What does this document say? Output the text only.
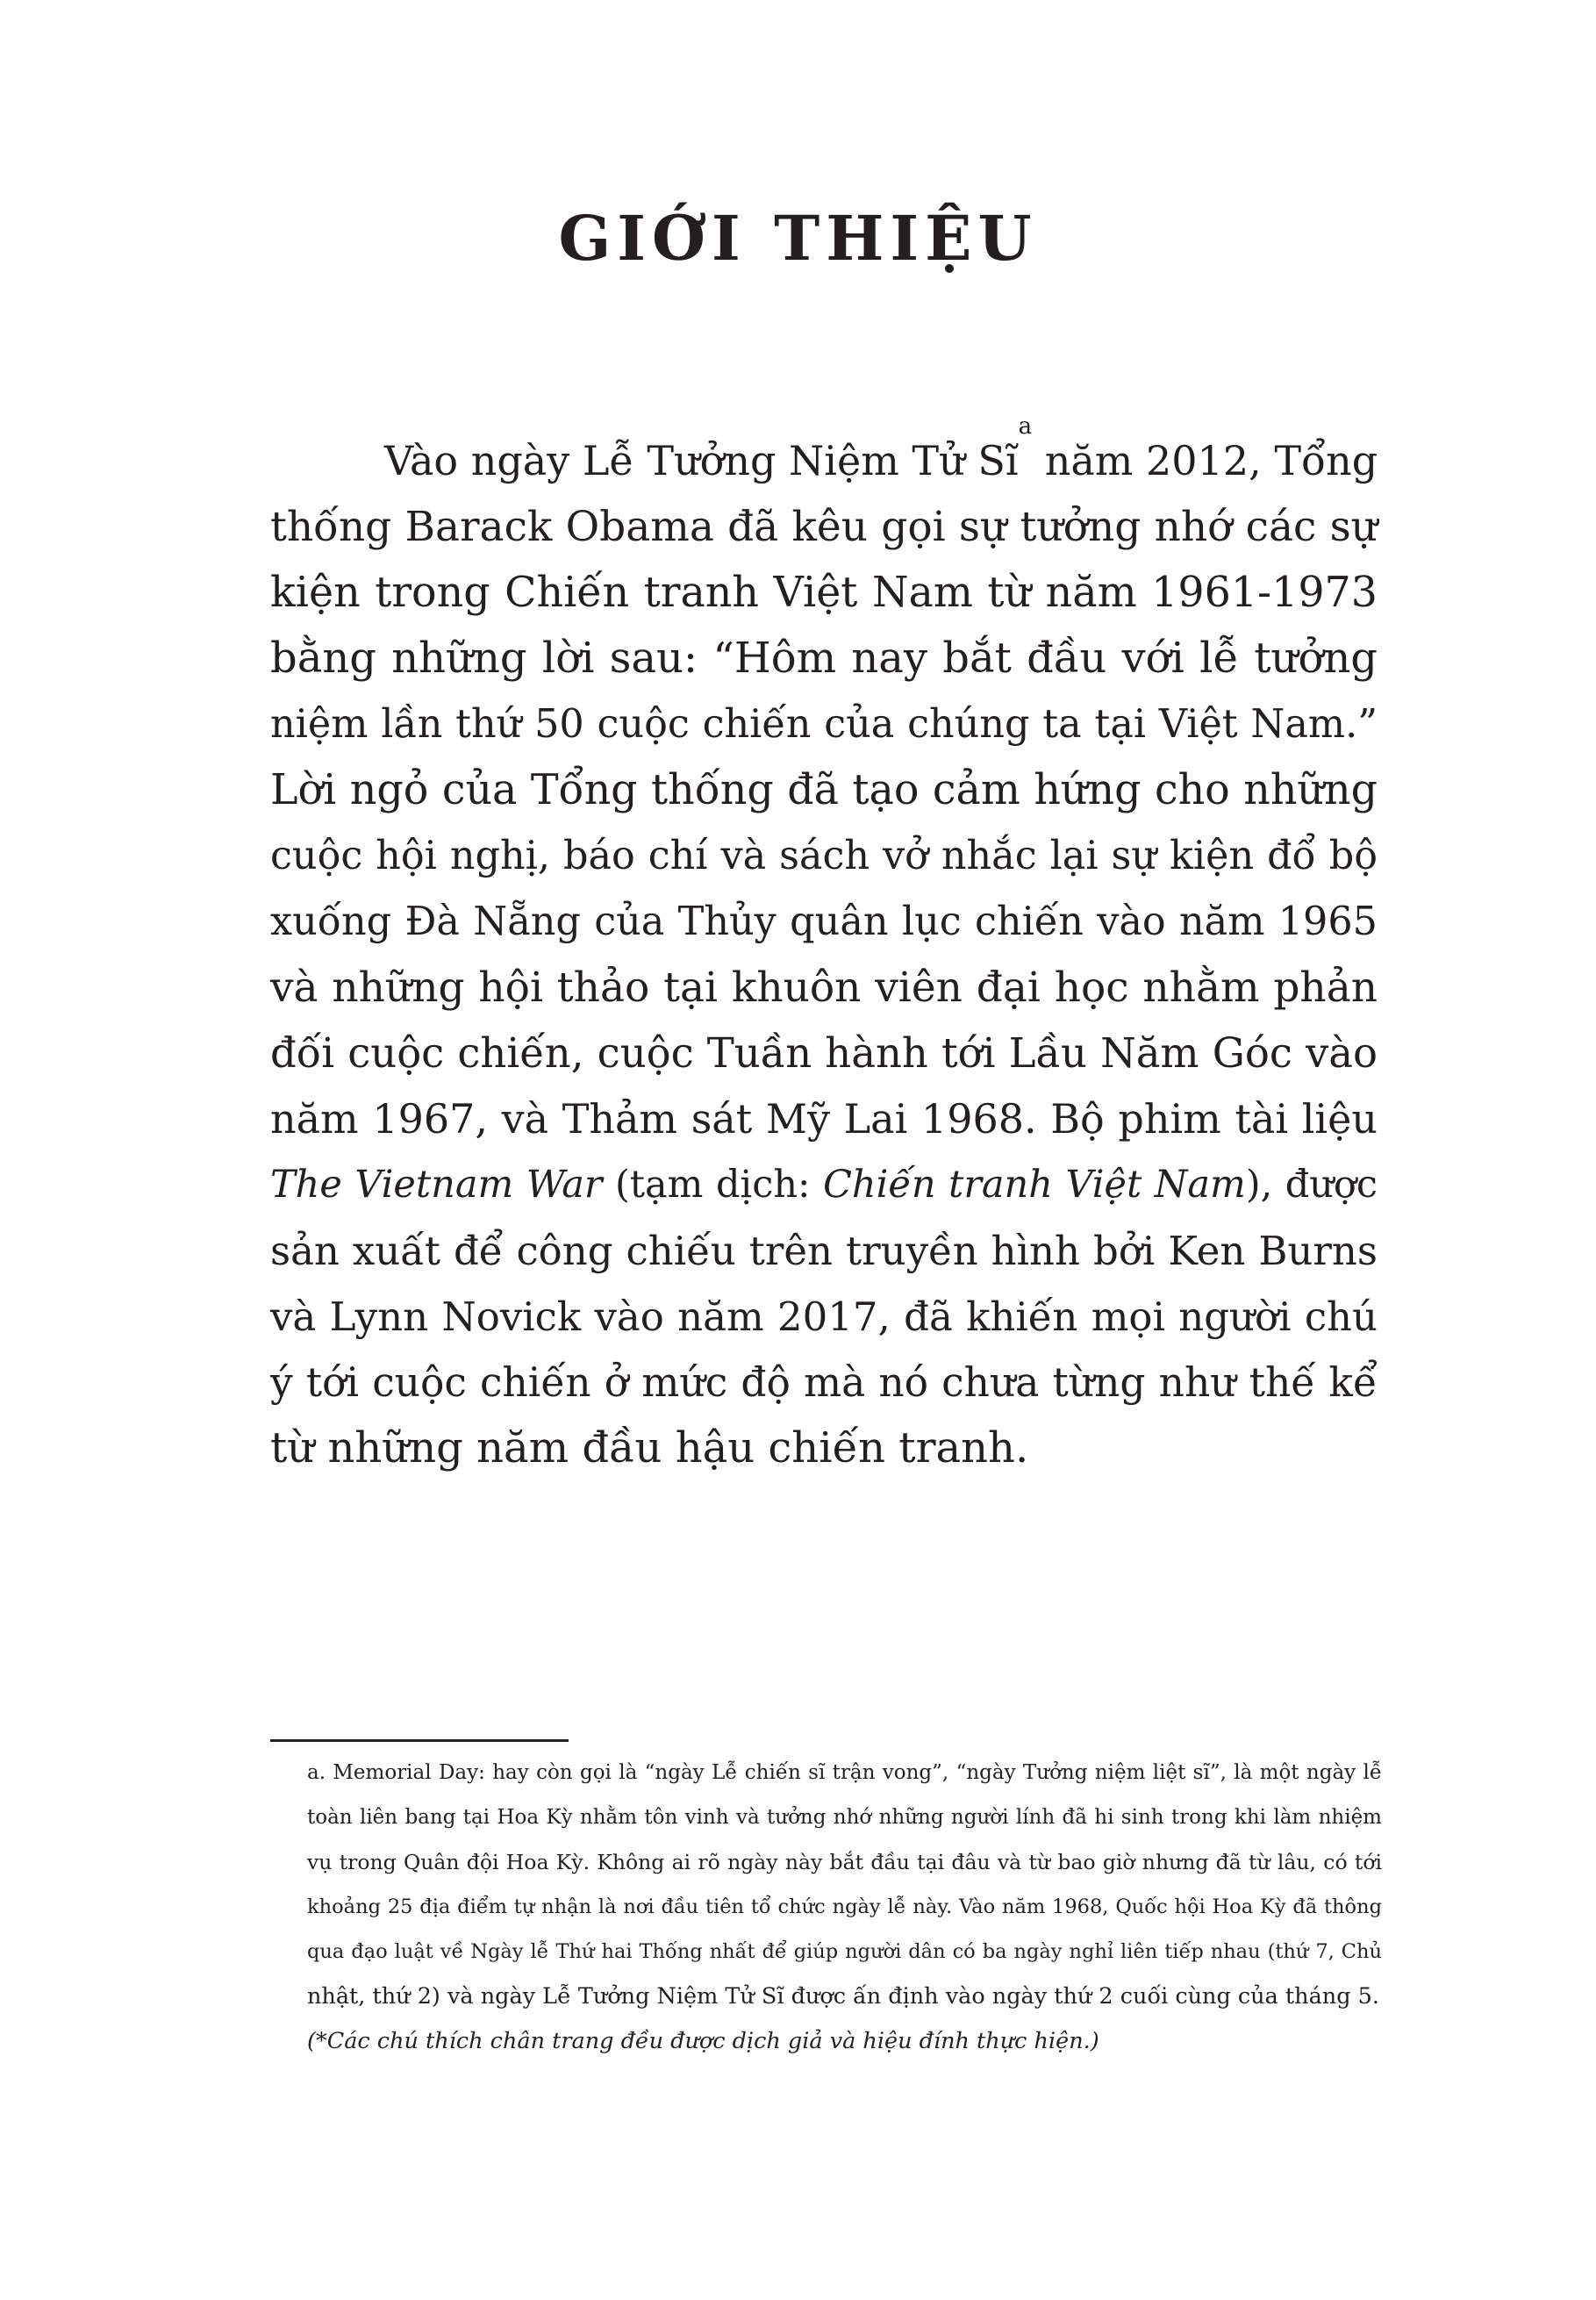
GIỚI THIỆU
Vào ngày Lễ Tưởng Niệm Tử Sĩ$^a$ năm 2012, Tổng
thống Barack Obama đã kêu gọi sự tưởng nhớ các sự
kiện trong Chiến tranh Việt Nam từ năm 1961-1973
bằng những lời sau: “Hôm nay bắt đầu với lễ tưởng
niệm lần thứ 50 cuộc chiến của chúng ta tại Việt Nam.”
Lời ngỏ của Tổng thống đã tạo cảm hứng cho những
cuộc hội nghị, báo chí và sách vở nhắc lại sự kiện đổ bộ
xuống Đà Nẵng của Thủy quân lục chiến vào năm 1965
và những hội thảo tại khuôn viên đại học nhằm phản
đối cuộc chiến, cuộc Tuần hành tới Lầu Năm Góc vào
năm 1967, và Thảm sát Mỹ Lai 1968. Bộ phim tài liệu
The Vietnam War (tạm dịch: Chiến tranh Việt Nam), được
sản xuất để công chiếu trên truyền hình bởi Ken Burns
và Lynn Novick vào năm 2017, đã khiến mọi người chú
ý tới cuộc chiến ở mức độ mà nó chưa từng như thế kể
từ những năm đầu hậu chiến tranh.
a. Memorial Day: hay còn gọi là “ngày Lễ chiến sĩ trận vong”, “ngày Tưởng niệm liệt sĩ”, là một ngày lễ
toàn liên bang tại Hoa Kỳ nhằm tôn vinh và tưởng nhớ những người lính đã hi sinh trong khi làm nhiệm
vụ trong Quân đội Hoa Kỳ. Không ai rõ ngày này bắt đầu tại đâu và từ bao giờ nhưng đã từ lâu, có tới
khoảng 25 địa điểm tự nhận là nơi đầu tiên tổ chức ngày lễ này. Vào năm 1968, Quốc hội Hoa Kỳ đã thông
qua đạo luật về Ngày lễ Thứ hai Thống nhất để giúp người dân có ba ngày nghỉ liên tiếp nhau (thứ 7, Chủ
nhật, thứ 2) và ngày Lễ Tưởng Niệm Tử Sĩ được ấn định vào ngày thứ 2 cuối cùng của tháng 5.
(*Các chú thích chân trang đều được dịch giả và hiệu đính thực hiện.)
